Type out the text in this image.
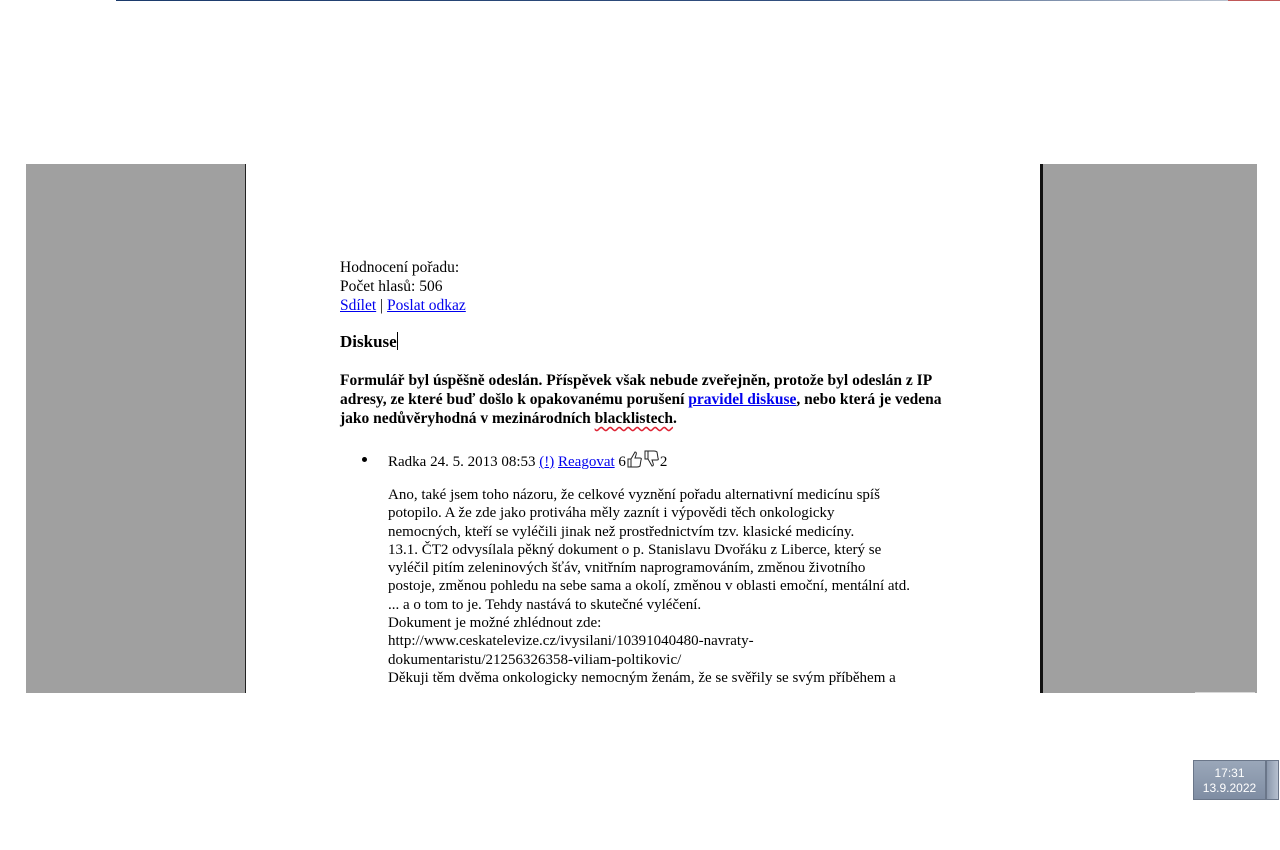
Hodnocení pořadu:
Počet hlasů: 506
Sdílet | Poslat odkaz
Diskuse
Formulář byl úspěšně odeslán. Příspěvek však nebude zveřejněn, protože byl odeslán z IP adresy, ze které buď došlo k opakovanému porušení pravidel diskuse, nebo která je vedena jako nedůvěryhodná v mezinárodních blacklistech.
Radka 24. 5. 2013 08:53 (!) Reagovat 6 2
Ano, také jsem toho názoru, že celkové vyznění pořadu alternativní medicínu spíš
potopilo. A že zde jako protiváha měly zaznít i výpovědi těch onkologicky
nemocných, kteří se vyléčili jinak než prostřednictvím tzv. klasické medicíny.
13.1. ČT2 odvysílala pěkný dokument o p. Stanislavu Dvořáku z Liberce, který se
vyléčil pitím zeleninových šťáv, vnitřním naprogramováním, změnou životního
postoje, změnou pohledu na sebe sama a okolí, změnou v oblasti emoční, mentální atd.
... a o tom to je. Tehdy nastává to skutečné vyléčení.
Dokument je možné zhlédnout zde:
http://www.ceskatelevize.cz/ivysilani/10391040480-navraty-
dokumentaristu/21256326358-viliam-poltikovic/
Děkuji těm dvěma onkologicky nemocným ženám, že se svěřily se svým příběhem a
17:31
13.9.2022
